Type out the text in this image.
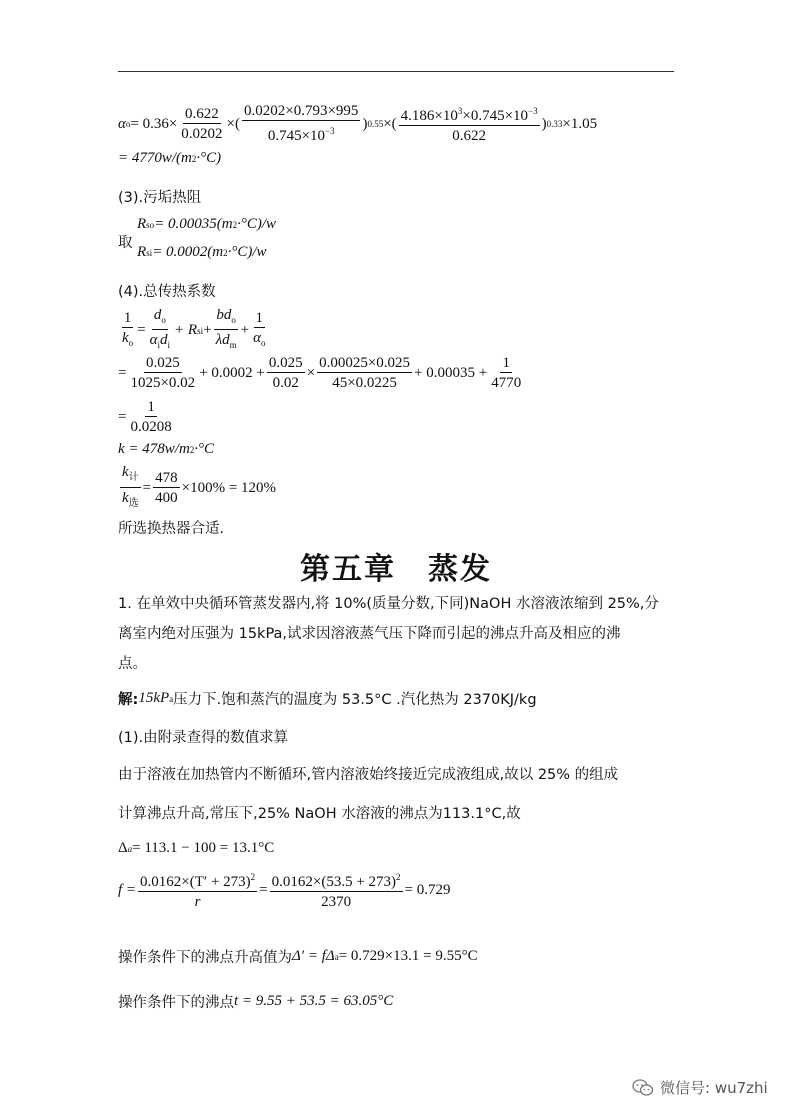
α $o = 0.36\times \frac{0.622}{0.0202}$ ×( $\frac{0.0202\times 0.793\times 995}{0.745\times 10^{-3}}$ ) 0.55 ×( $\frac{4.186\times 10^3\times 0.745\times 10^{-3}}{0.622}$ ) 0.33 ×1.05
= 4770w/(m 2 ·°C)
(3).污垢热阻
取
R so = 0.00035(m 2 ·°C)/w
R si = 0.0002(m 2 ·°C)/w
(4).总传热系数
$\frac{1}{k_o} = \frac{d_o}{\alpha_id_i} + R$ si + $\frac{bd_o}{\lambda d_m} + \frac{1}{\alpha_o}$
= $\frac{0.025}{1025\times 0.02} + 0.0002 + \frac{0.025}{0.02} \times \frac{0.00025\times 0.025}{45\times 0.0225} + 0.00035 + \frac{1}{4770}$
= $\frac{1}{0.0208}$
k = 478w/m 2 ·°C
$\frac{k_计}{k_选} = \frac{478}{400} \times 100\% = 120\%$
所选换热器合适.
第五章　蒸发
1. 在单效中央循环管蒸发器内,将 10%(质量分数,下同)NaOH 水溶液浓缩到 25%,分
离室内绝对压强为 15kPa,试求因溶液蒸气压下降而引起的沸点升高及相应的沸
点。
解: 15kP a 压力下.饱和蒸汽的温度为 53.5°C .汽化热为 2370KJ/kg
(1).由附录查得的数值求算
由于溶液在加热管内不断循环,管内溶液始终接近完成液组成,故以 25% 的组成
计算沸点升高,常压下,25% NaOH 水溶液的沸点为113.1°C,故
Δ a = 113.1 − 100 = 13.1°C
$f = \frac{0.0162\times(T' + 273)^2}{r} = \frac{0.0162\times(53.5 + 273)^2}{2370} = 0.729$
操作条件下的沸点升高值为 Δ′ = fΔ a = 0.729×13.1 = 9.55°C
操作条件下的沸点 t = 9.55 + 53.5 = 63.05°C
微信号: wu7zhi
